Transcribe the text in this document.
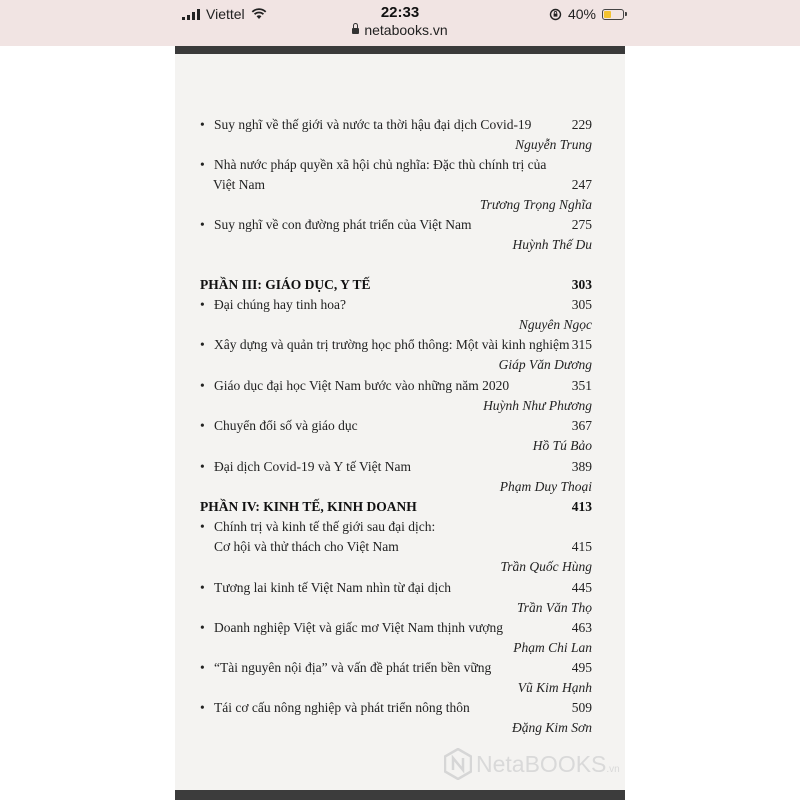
Viettel	22:33	40%
netabooks.vn
• Suy nghĩ về thế giới và nước ta thời hậu đại dịch Covid-19	229
Nguyễn Trung
• Nhà nước pháp quyền xã hội chủ nghĩa: Đặc thù chính trị của
Việt Nam	247
Trương Trọng Nghĩa
• Suy nghĩ về con đường phát triển của Việt Nam	275
Huỳnh Thế Du
PHẦN III: GIÁO DỤC, Y TẾ	303
• Đại chúng hay tinh hoa?	305
Nguyên Ngọc
• Xây dựng và quản trị trường học phổ thông: Một vài kinh nghiệm 315
Giáp Văn Dương
• Giáo dục đại học Việt Nam bước vào những năm 2020	351
Huỳnh Như Phương
• Chuyển đổi số và giáo dục	367
Hồ Tú Bảo
• Đại dịch Covid-19 và Y tế Việt Nam	389
Phạm Duy Thoại
PHẦN IV: KINH TẾ, KINH DOANH	413
• Chính trị và kinh tế thế giới sau đại dịch:
Cơ hội và thử thách cho Việt Nam	415
Trần Quốc Hùng
• Tương lai kinh tế Việt Nam nhìn từ đại dịch	445
Trần Văn Thọ
• Doanh nghiệp Việt và giấc mơ Việt Nam thịnh vượng	463
Phạm Chi Lan
• “Tài nguyên nội địa” và vấn đề phát triển bền vững	495
Vũ Kim Hạnh
• Tái cơ cấu nông nghiệp và phát triển nông thôn	509
Đặng Kim Sơn
NetaBOOKS.vn
